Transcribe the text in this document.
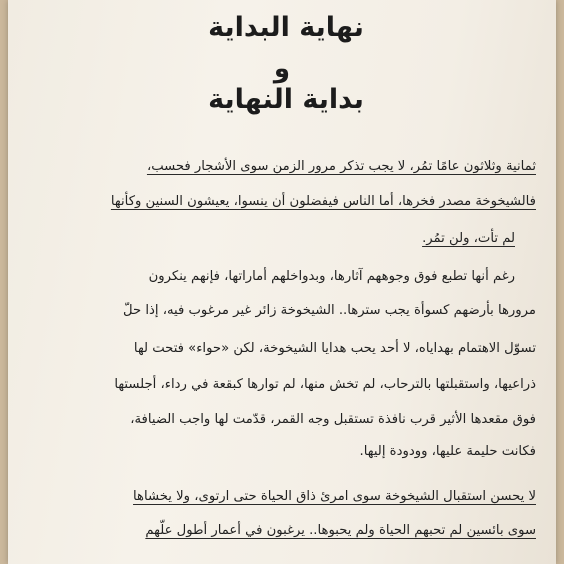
نهاية البداية
و
بداية النهاية

ثمانية وثلاثون عامًا تمُر، لا يجب تذكر مرور الزمن سوى الأشجار فحسب،

فالشيخوخة مصدر فخرها، أما الناس فيفضلون أن ينسوا، يعيشون السنين وكأنها

لم تأت، ولن تمُر.

رغم أنها تطبع فوق وجوههم آثارها، وبدواخلهم أماراتها، فإنهم ينكرون

مرورها بأرضهم كسوأة يجب سترها.. الشيخوخة زائر غير مرغوب فيه، إذا حلّ

تسوّل الاهتمام بهداياه، لا أحد يحب هدايا الشيخوخة، لكن «حواء» فتحت لها

ذراعيها، واستقبلتها بالترحاب، لم تخش منها، لم توارها كبقعة في رداء، أجلستها

فوق مقعدها الأثير قرب نافذة تستقبل وجه القمر، قدّمت لها واجب الضيافة،

فكانت حليمة عليها، وودودة إليها.

لا يحسن استقبال الشيخوخة سوى امرئ ذاق الحياة حتى ارتوى، ولا يخشاها

سوى بائسين لم تحبهم الحياة ولم يحبوها.. يرغبون في أعمار أطول علّهم
